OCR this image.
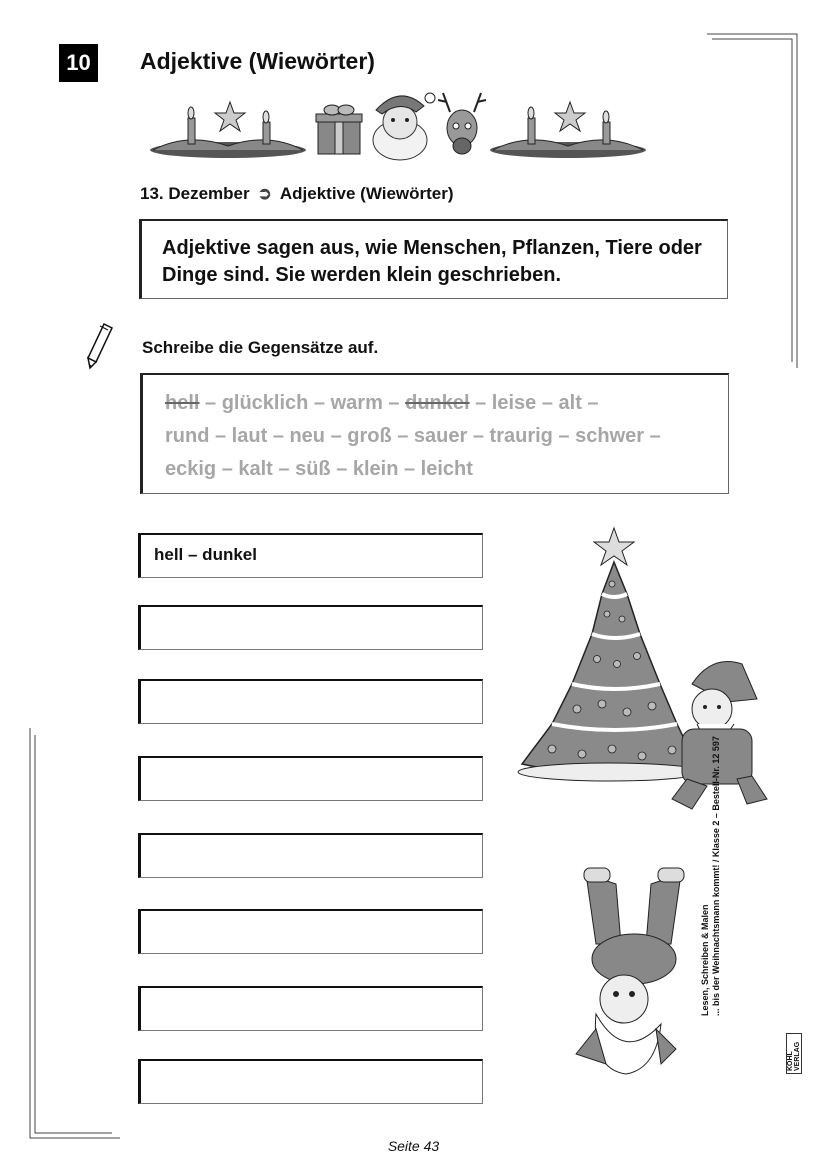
10	Adjektive (Wiewörter)
13. Dezember ➲ Adjektive (Wiewörter)
Adjektive sagen aus, wie Menschen, Pflanzen, Tiere oder Dinge sind. Sie werden klein geschrieben.
Schreibe die Gegensätze auf.
hell – glücklich – warm – dunkel – leise – alt –
rund – laut – neu – groß – sauer – traurig – schwer –
eckig – kalt – süß – klein – leicht
hell – dunkel
Lesen, Schreiben & Malen ... bis der Weihnachtsmann kommt! / Klasse 2 – Bestell-Nr. 12 597
KOHL VERLAG
Seite 43
